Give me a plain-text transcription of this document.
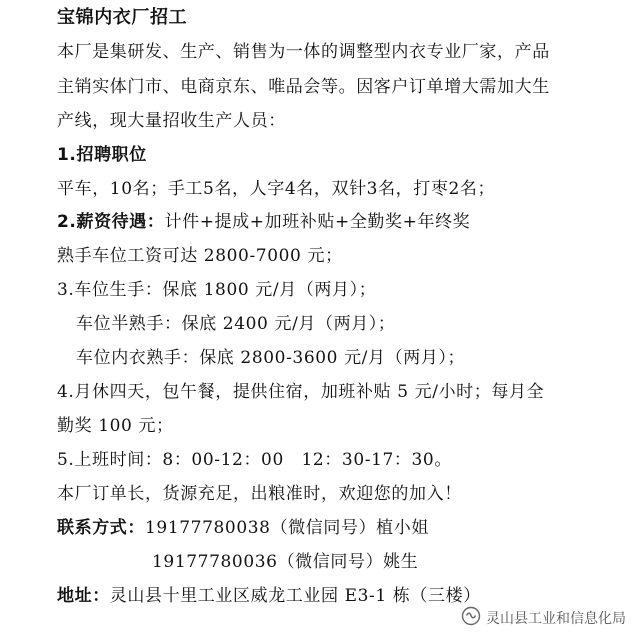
宝锦内衣厂招工
本厂是集研发、生产、销售为一体的调整型内衣专业厂家，产品
主销实体门市、电商京东、唯品会等。因客户订单增大需加大生
产线，现大量招收生产人员：
1.招聘职位
平车，10名；手工5名，人字4名，双针3名，打枣2名；
2.薪资待遇：计件+提成+加班补贴+全勤奖+年终奖
熟手车位工资可达 2800-7000 元；
3.车位生手：保底 1800 元/月（两月）；
车位半熟手：保底 2400 元/月（两月）；
车位内衣熟手：保底 2800-3600 元/月（两月）；
4.月休四天，包午餐，提供住宿，加班补贴 5 元/小时；每月全
勤奖 100 元；
5.上班时间：8：00-12：00　12：30-17：30。
本厂订单长，货源充足，出粮准时，欢迎您的加入！
联系方式：19177780038（微信同号）植小姐
19177780036（微信同号）姚生
地址：灵山县十里工业区威龙工业园 E3-1 栋（三楼）
灵山县工业和信息化局
